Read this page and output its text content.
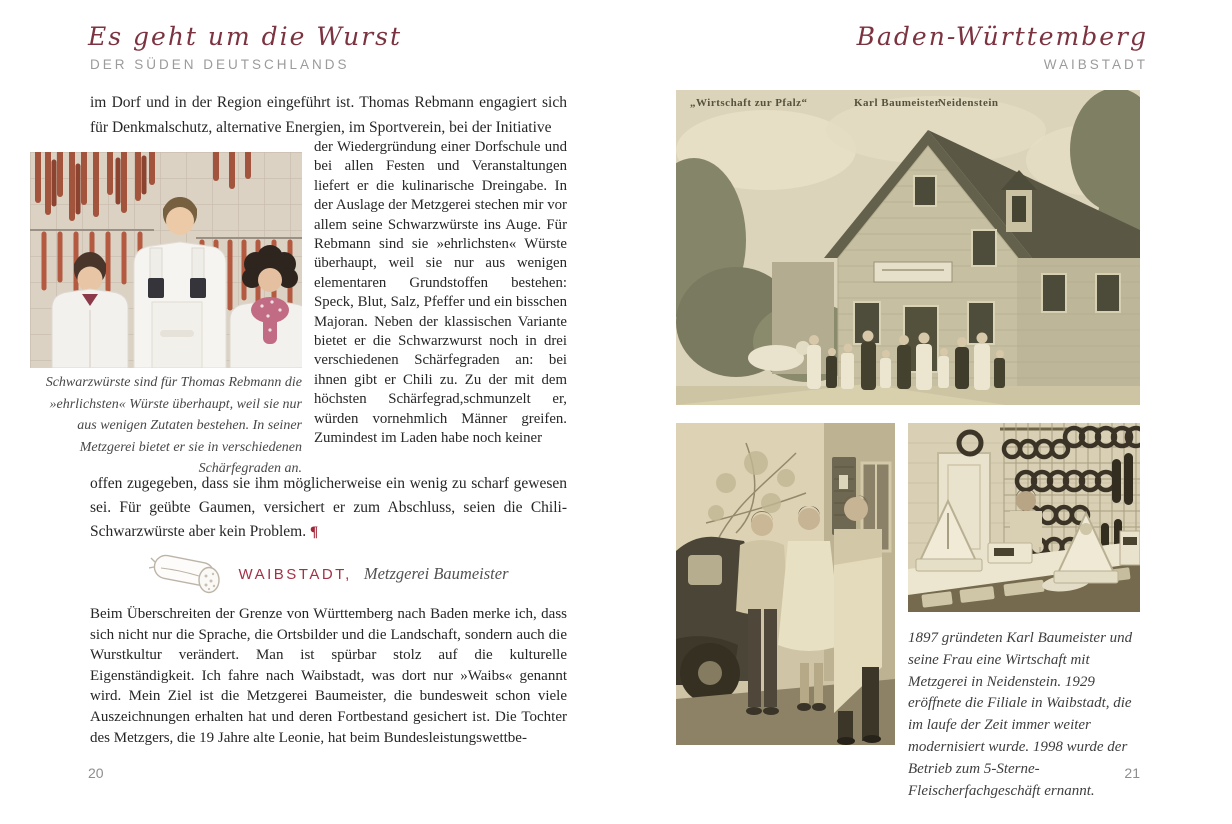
Es geht um die Wurst
DER SÜDEN DEUTSCHLANDS
im Dorf und in der Region eingeführt ist. Thomas Rebmann engagiert sich für Denkmalschutz, alternative Energien, im Sportverein, bei der Initiative
der Wiedergründung einer Dorfschule und bei allen Festen und Veranstaltungen liefert er die kulinarische Dreingabe. In der Auslage der Metzgerei stechen mir vor allem seine Schwarzwürste ins Auge. Für Rebmann sind sie »ehrlichsten« Würste überhaupt, weil sie nur aus wenigen elementaren Grundstoffen bestehen: Speck, Blut, Salz, Pfeffer und ein bisschen Majoran. Neben der klassischen Variante bietet er die Schwarzwurst noch in drei verschiedenen Schärfegraden an: bei ihnen gibt er Chili zu. Zu der mit dem höchsten Schärfegrad,schmunzelt er, würden vornehmlich Männer greifen. Zumindest im Laden habe noch keiner
Schwarzwürste sind für Thomas Rebmann die »ehrlichsten« Würste überhaupt, weil sie nur aus wenigen Zutaten bestehen. In seiner Metzgerei bietet er sie in verschiedenen Schärfegraden an.
offen zugegeben, dass sie ihm möglicherweise ein wenig zu scharf gewesen sei. Für geübte Gaumen, versichert er zum Abschluss, seien die Chili-Schwarzwürste aber kein Problem. ¶
WAIBSTADT, Metzgerei Baumeister
Beim Überschreiten der Grenze von Württemberg nach Baden merke ich, dass sich nicht nur die Sprache, die Ortsbilder und die Landschaft, sondern auch die Wurstkultur verändert. Man ist spürbar stolz auf die kulturelle Eigenständigkeit. Ich fahre nach Waibstadt, was dort nur »Waibs« genannt wird. Mein Ziel ist die Metzgerei Baumeister, die bundesweit schon viele Auszeichnungen erhalten hat und deren Fortbestand gesichert ist. Die Tochter des Metzgers, die 19 Jahre alte Leonie, hat beim Bundesleistungswettbe-
20
Baden-Württemberg
WAIBSTADT
„Wirtschaft zur Pfalz“	Karl Baumeister
Neidenstein
1897 gründeten Karl Baumeister und seine Frau eine Wirtschaft mit Metzgerei in Neidenstein. 1929 eröffnete die Filiale in Waibstadt, die im laufe der Zeit immer weiter modernisiert wurde. 1998 wurde der Betrieb zum 5-Sterne-Fleischerfachgeschäft ernannt.
21
